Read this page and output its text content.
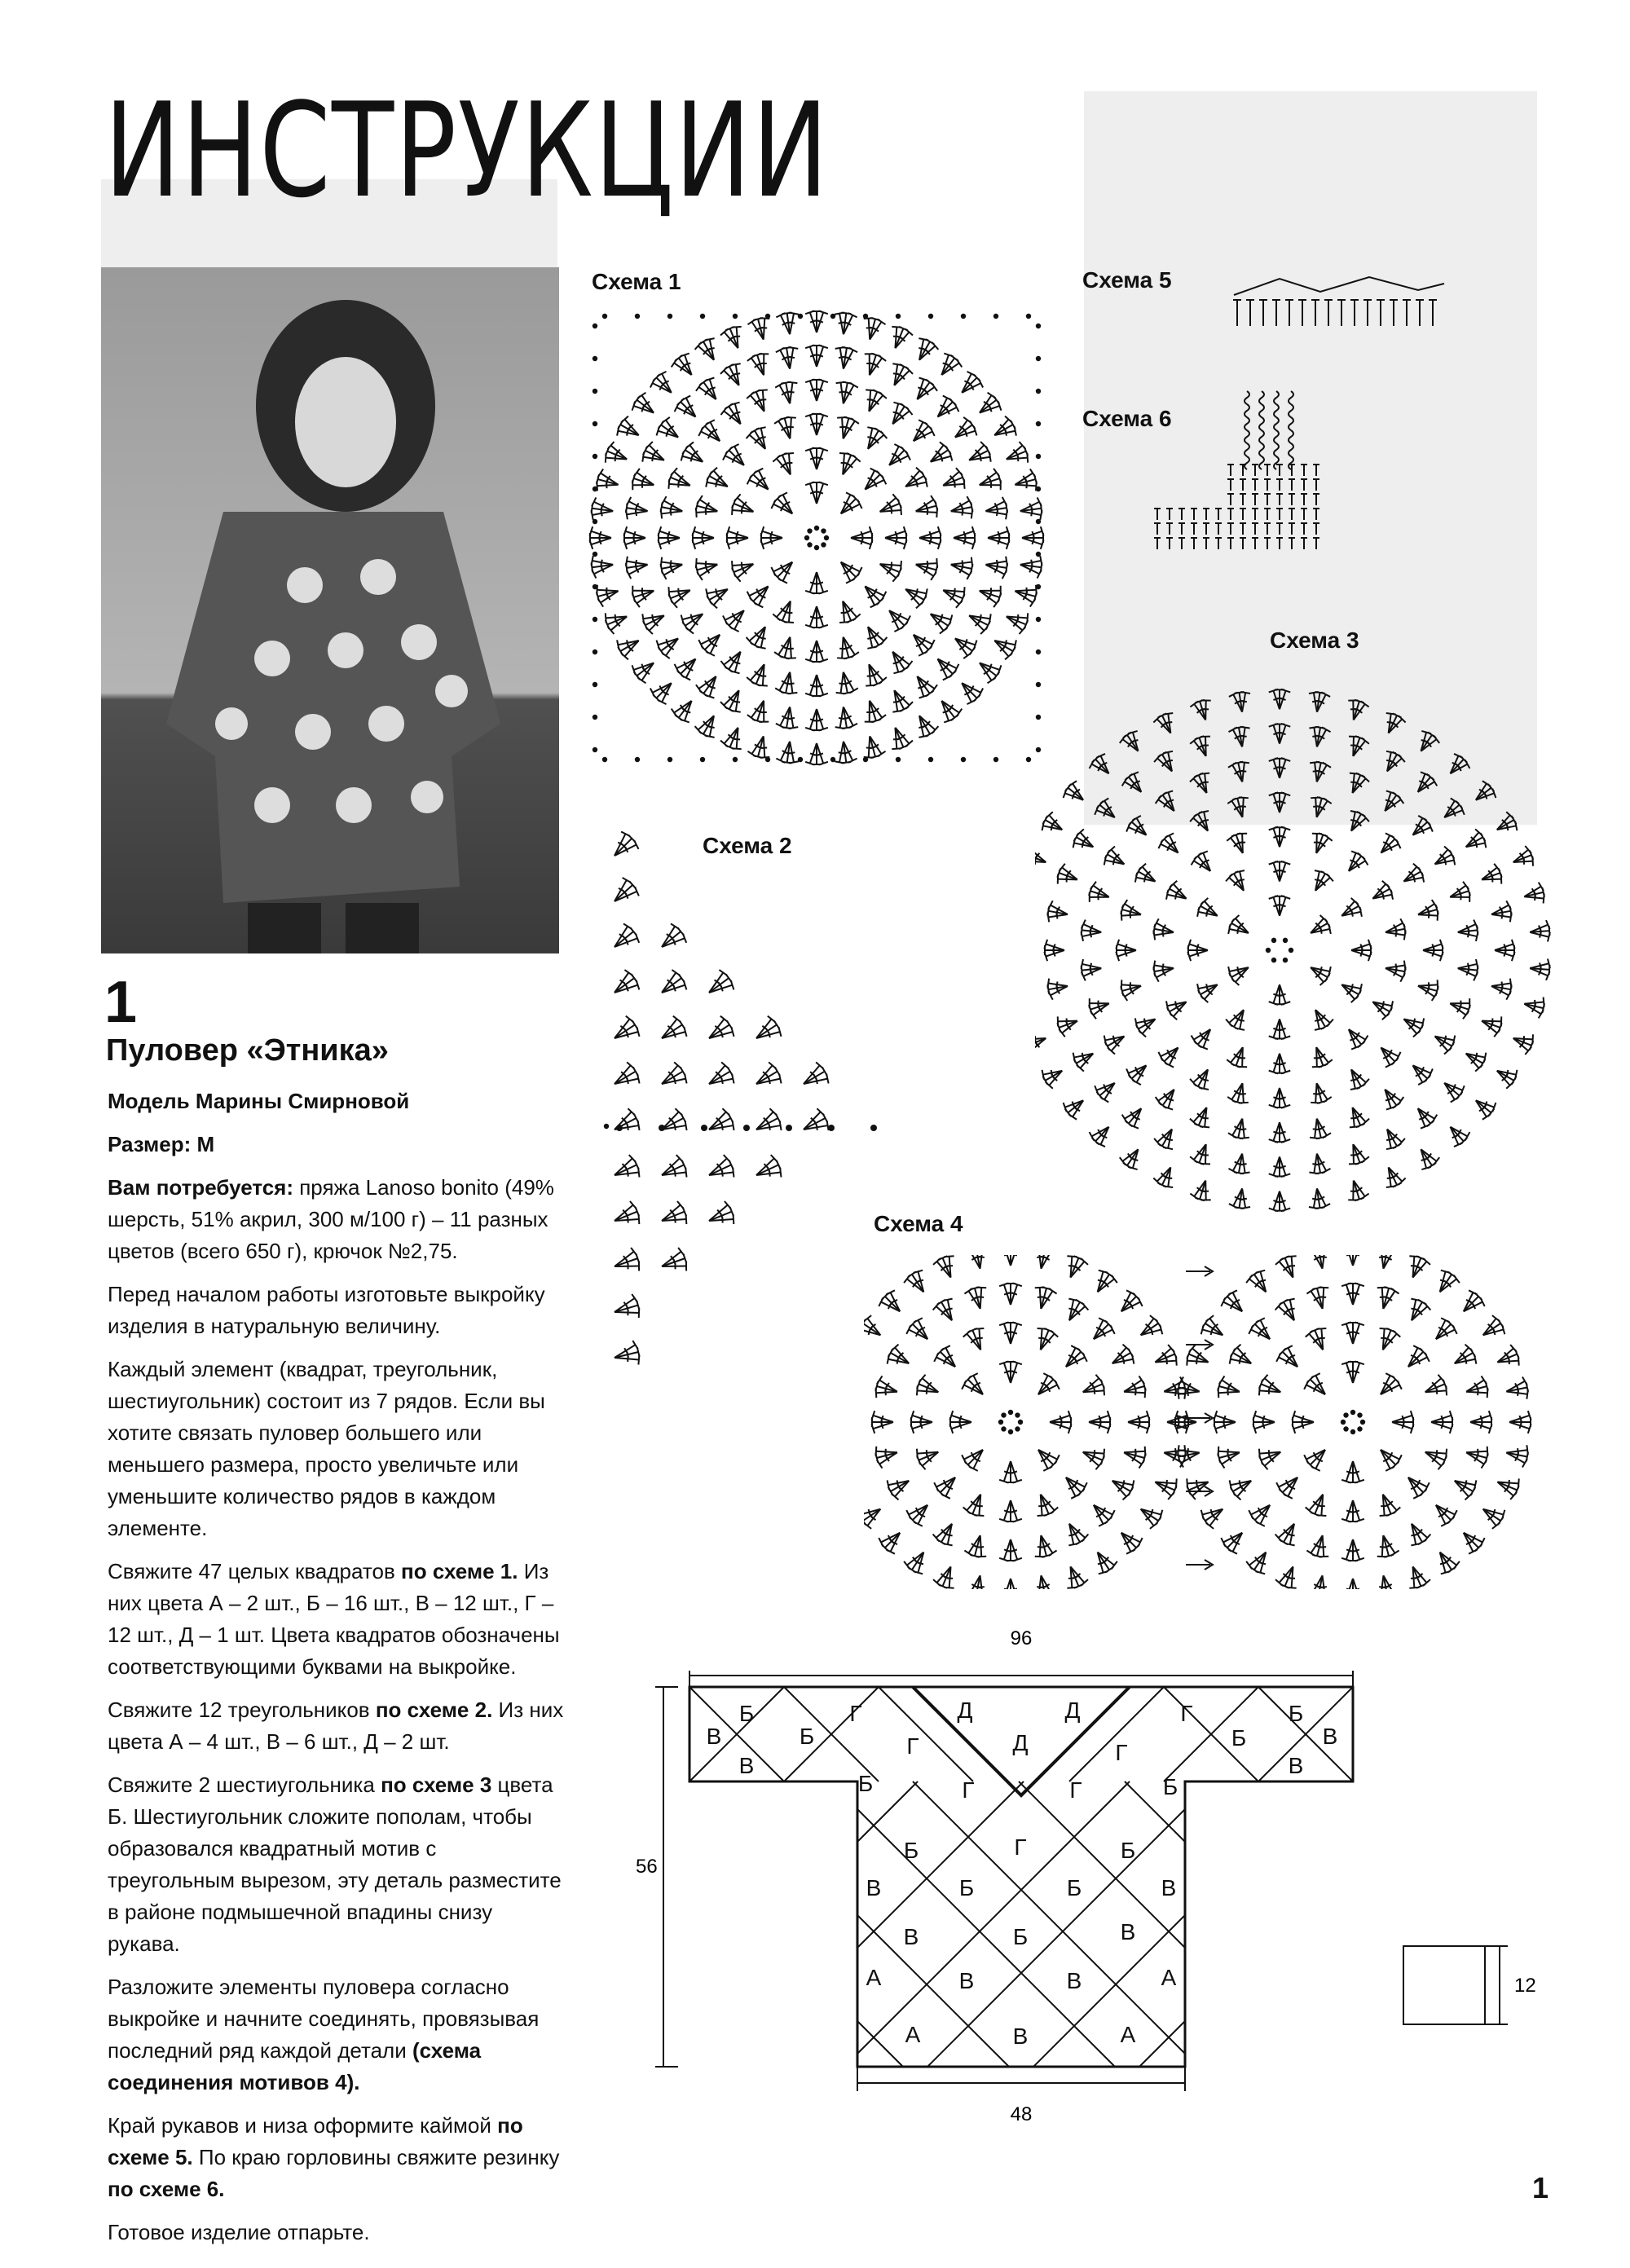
ИНСТРУКЦИИ
1
Пуловер «Этника»

Модель Марины Смирновой

Размер: М

Вам потребуется: пряжа Lanoso bonito (49% шерсть, 51% акрил, 300 м/100 г) – 11 разных цветов (всего 650 г), крючок №2,75.

Перед началом работы изготовьте выкройку изделия в натуральную величину.

Каждый элемент (квадрат, треугольник, шестиугольник) состоит из 7 рядов. Если вы хотите связать пуловер большего или меньшего размера, просто увеличьте или уменьшите количество рядов в каждом элементе.

Свяжите 47 целых квадратов по схеме 1. Из них цвета А – 2 шт., Б – 16 шт., В – 12 шт., Г – 12 шт., Д – 1 шт. Цвета квадратов обозначены соответствующими буквами на выкройке.

Свяжите 12 треугольников по схеме 2. Из них цвета А – 4 шт., В – 6 шт., Д – 2 шт.

Свяжите 2 шестиугольника по схеме 3 цвета Б. Шестиугольник сложите пополам, чтобы образовался квадратный мотив с треугольным вырезом, эту деталь разместите в районе подмышечной впадины снизу рукава.

Разложите элементы пуловера согласно выкройке и начните соединять, провязывая последний ряд каждой детали (схема соединения мотивов 4).

Край рукавов и низа оформите каймой по схеме 5. По краю горловины свяжите резинку по схеме 6.

Готовое изделие отпарьте.

Схема 1
Схема 2
Схема 3
Схема 4
Схема 5
Схема 6
Б
В
В
Б
Г
Б
Г
Д
Д
Д
Г
Г
Б
Б
В
В
Б
Г	Г
Б	Г	Б
В	Б	Б	В
В	Б	В
А	В	В	А
А	В	А
96
56
48
12
1
